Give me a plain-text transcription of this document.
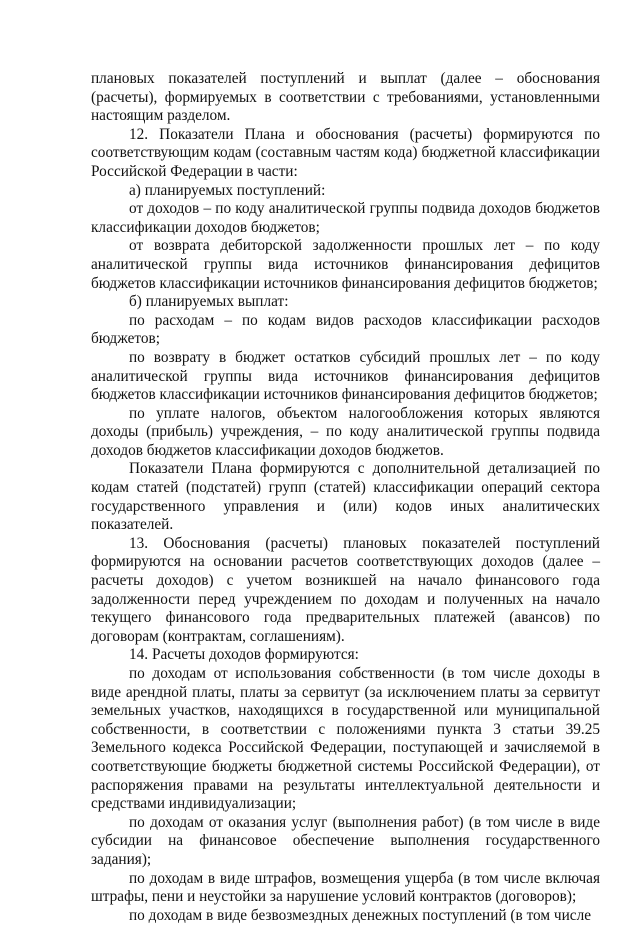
плановых показателей поступлений и выплат (далее – обоснования (расчеты), формируемых в соответствии с требованиями, установленными настоящим разделом.

12. Показатели Плана и обоснования (расчеты) формируются по соответствующим кодам (составным частям кода) бюджетной классификации Российской Федерации в части:

а) планируемых поступлений:

от доходов – по коду аналитической группы подвида доходов бюджетов классификации доходов бюджетов;

от возврата дебиторской задолженности прошлых лет – по коду аналитической группы вида источников финансирования дефицитов бюджетов классификации источников финансирования дефицитов бюджетов;

б) планируемых выплат:

по расходам – по кодам видов расходов классификации расходов бюджетов;

по возврату в бюджет остатков субсидий прошлых лет – по коду аналитической группы вида источников финансирования дефицитов бюджетов классификации источников финансирования дефицитов бюджетов;

по уплате налогов, объектом налогообложения которых являются доходы (прибыль) учреждения, – по коду аналитической группы подвида доходов бюджетов классификации доходов бюджетов.

Показатели Плана формируются с дополнительной детализацией по кодам статей (подстатей) групп (статей) классификации операций сектора государственного управления и (или) кодов иных аналитических показателей.

13. Обоснования (расчеты) плановых показателей поступлений формируются на основании расчетов соответствующих доходов (далее – расчеты доходов) с учетом возникшей на начало финансового года задолженности перед учреждением по доходам и полученных на начало текущего финансового года предварительных платежей (авансов) по договорам (контрактам, соглашениям).

14. Расчеты доходов формируются:

по доходам от использования собственности (в том числе доходы в виде арендной платы, платы за сервитут (за исключением платы за сервитут земельных участков, находящихся в государственной или муниципальной собственности, в соответствии с положениями пункта 3 статьи 39.25 Земельного кодекса Российской Федерации, поступающей и зачисляемой в соответствующие бюджеты бюджетной системы Российской Федерации), от распоряжения правами на результаты интеллектуальной деятельности и средствами индивидуализации;

по доходам от оказания услуг (выполнения работ) (в том числе в виде субсидии на финансовое обеспечение выполнения государственного задания);

по доходам в виде штрафов, возмещения ущерба (в том числе включая штрафы, пени и неустойки за нарушение условий контрактов (договоров);

по доходам в виде безвозмездных денежных поступлений (в том числе
